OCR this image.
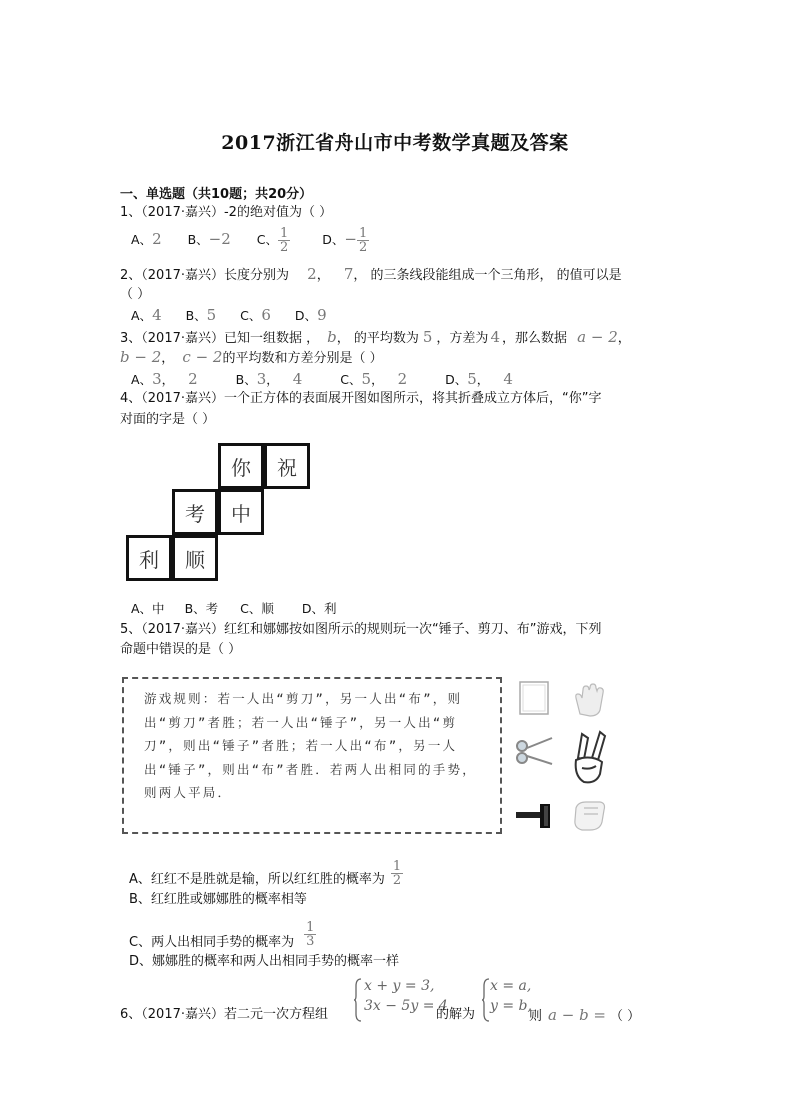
2017浙江省舟山市中考数学真题及答案
一、单选题（共10题；共20分）
1、（2017·嘉兴）-2的绝对值为（ ）
A、2 B、−2 C、 $\frac{1}{2}$	D、− $\frac{1}{2}$
2、（2017·嘉兴）长度分别为 2， 7， 的三条线段能组成一个三角形， 的值可以是
（ ）
A、4 B、5 C、6 D、9
3、（2017·嘉兴）已知一组数据 ， b， 的平均数为 5 ，方差为 4 ，那么数据 a − 2，
b − 2， c − 2的平均数和方差分别是（ ）
A、3， 2	B、3， 4	C、5， 2	D、5， 4
4、（2017·嘉兴）一个正方体的表面展开图如图所示，将其折叠成立方体后，“你”字
对面的字是（ ）
你	祝
考	中
利	顺
A、中 B、考 C、顺 D、利
5、（2017·嘉兴）红红和娜娜按如图所示的规则玩一次“锤子、剪刀、布”游戏，下列
命题中错误的是（ ）
游戏规则：若一人出“剪刀”，另一人出“布”，则出“剪刀”者胜；若一人出“锤子”，另一人出“剪刀”，则出“锤子”者胜；若一人出“布”，另一人出“锤子”，则出“布”者胜．若两人出相同的手势，则两人平局．
A、红红不是胜就是输，所以红红胜的概率为 $\frac{1}{2}$
B、红红胜或娜娜胜的概率相等
C、两人出相同手势的概率为 $\frac{1}{3}$
D、娜娜胜的概率和两人出相同手势的概率一样
6、（2017·嘉兴）若二元一次方程组
x + y = 3,
3x − 5y = 4
的解为
x = a,
y = b,
则 a − b = （ ）
